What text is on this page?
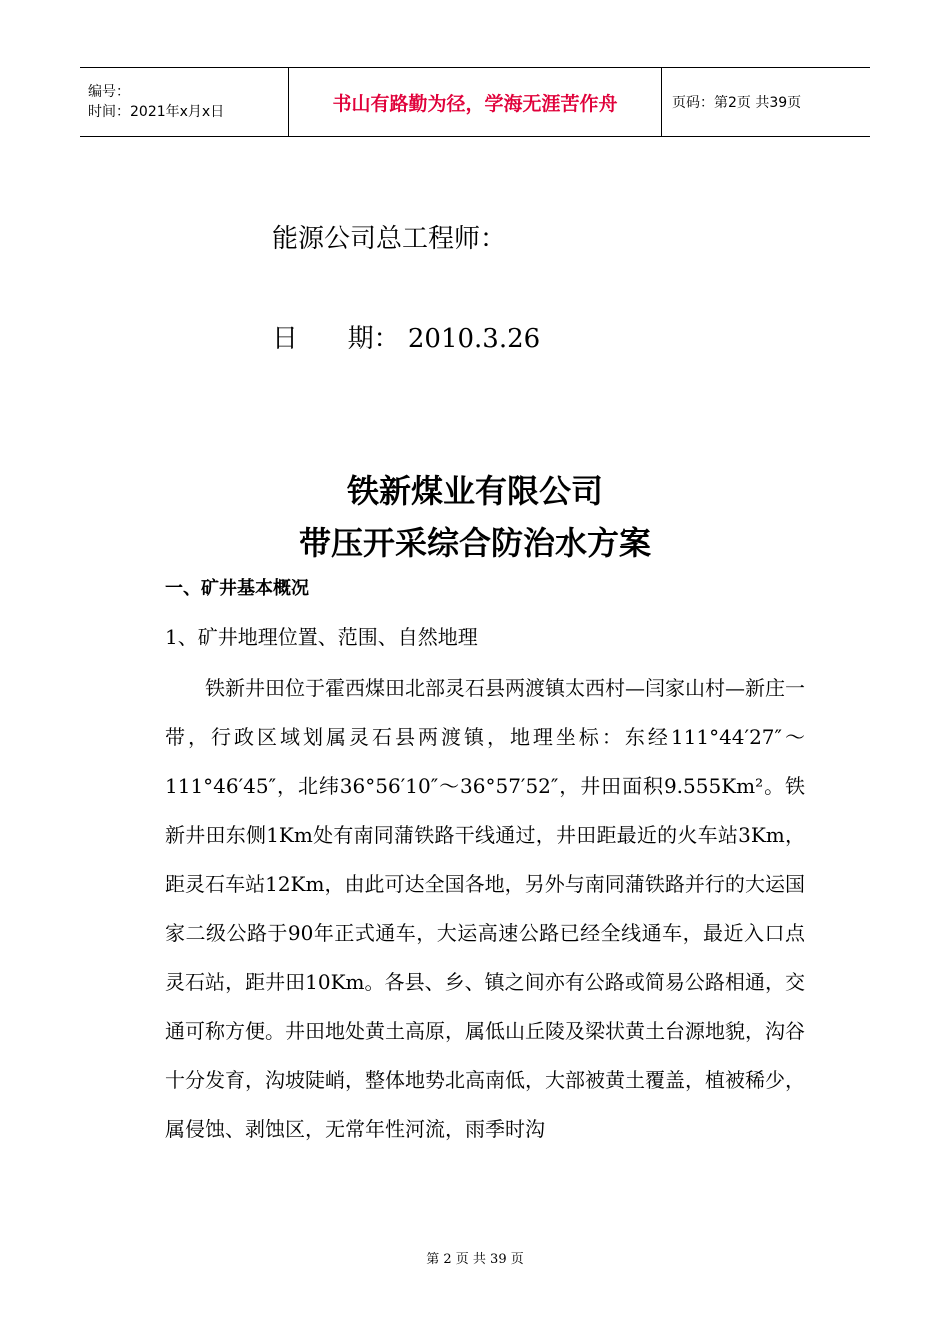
编号：
时间：2021年x月x日	书山有路勤为径，学海无涯苦作舟	页码：第2页 共39页
能源公司总工程师：
日      期： 2010.3.26
铁新煤业有限公司
带压开采综合防治水方案
一、矿井基本概况
1、矿井地理位置、范围、自然地理
铁新井田位于霍西煤田北部灵石县两渡镇太西村—闫家山村—新庄一带，行政区域划属灵石县两渡镇，地理坐标：东经111°44′27″～111°46′45″，北纬36°56′10″～36°57′52″，井田面积9.555Km²。铁新井田东侧1Km处有南同蒲铁路干线通过，井田距最近的火车站3Km，距灵石车站12Km，由此可达全国各地，另外与南同蒲铁路并行的大运国家二级公路于90年正式通车，大运高速公路已经全线通车，最近入口点灵石站，距井田10Km。各县、乡、镇之间亦有公路或简易公路相通，交通可称方便。井田地处黄土高原，属低山丘陵及梁状黄土台源地貌，沟谷十分发育，沟坡陡峭，整体地势北高南低，大部被黄土覆盖，植被稀少，属侵蚀、剥蚀区，无常年性河流，雨季时沟
第 2 页 共 39 页
